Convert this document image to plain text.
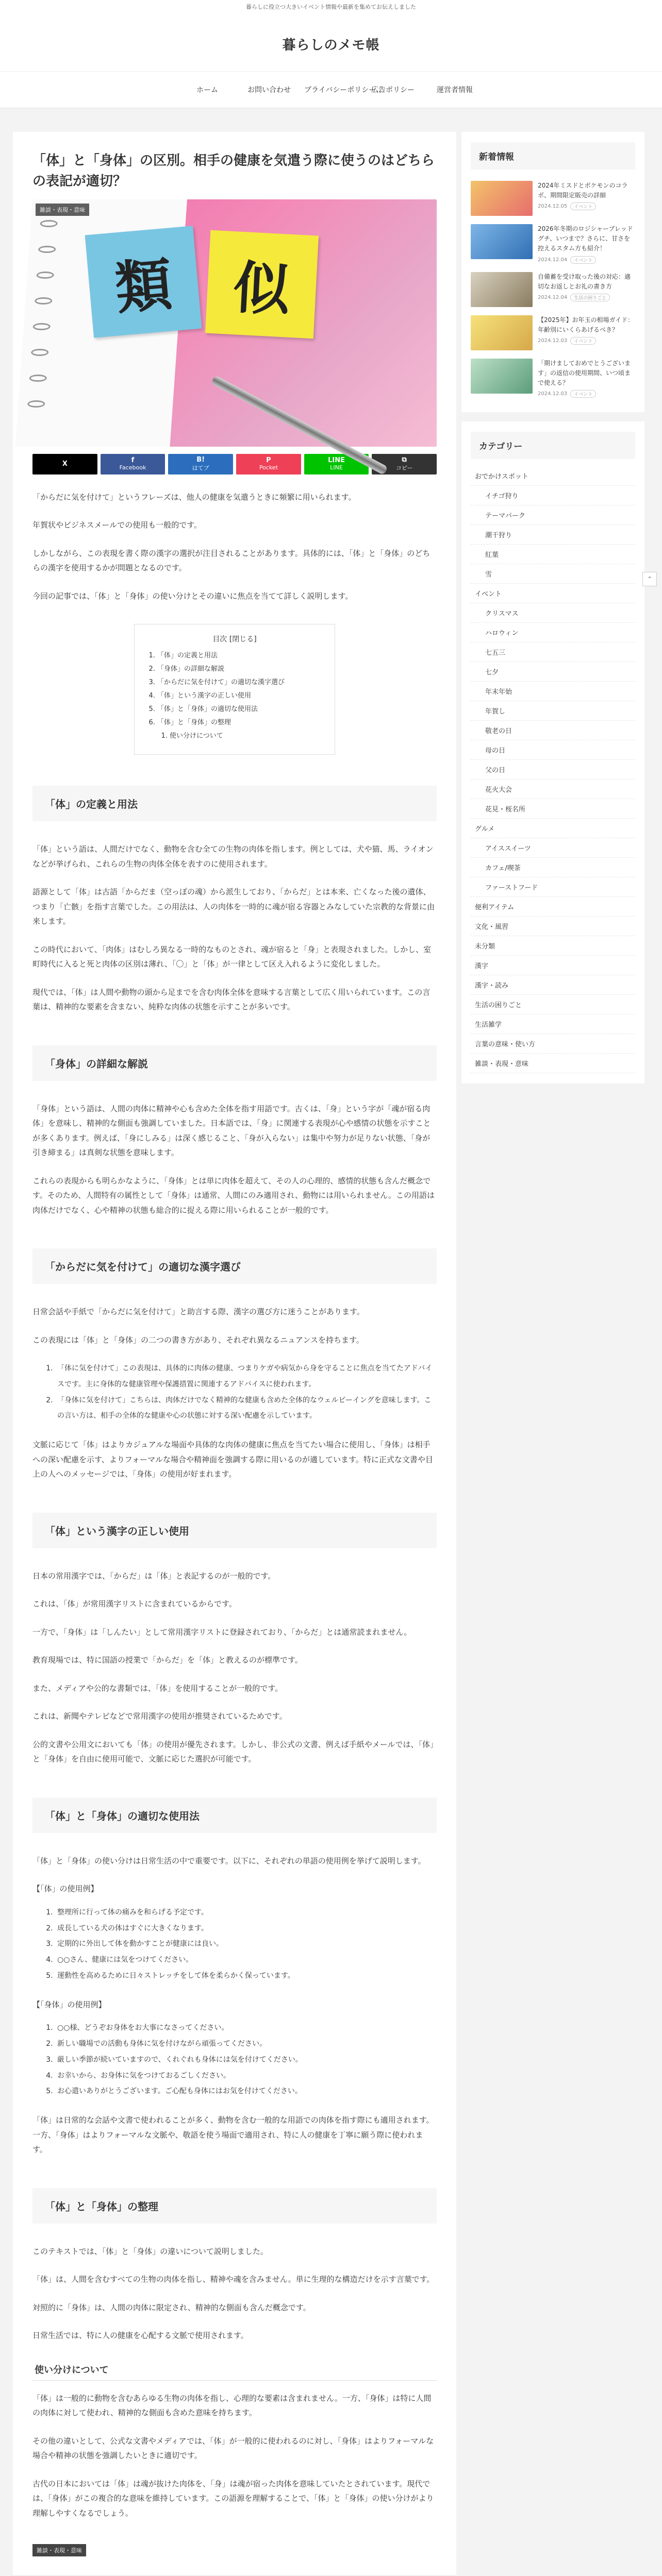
暮らしに役立つ大きいイベント情報や最新を集めてお伝えしました
暮らしのメモ帳
ホーム	お問い合わせ	プライバシーポリシー…
広告ポリシー	運営者情報
「体」と「身体」の区別。相手の健康を気遣う際に使うのはどちらの表記が適切？
類	似
雑談・表現・意味
X	f
Facebook
B!
はてブ
P
Pocket
LINE
LINE
⧉
コピー

「からだに気を付けて」というフレーズは、他人の健康を気遣うときに頻繁に用いられます。

年賀状やビジネスメールでの使用も一般的です。

しかしながら、この表現を書く際の漢字の選択が注目されることがあります。具体的には、「体」と「身体」のどちらの漢字を使用するかが問題となるのです。

今回の記事では、「体」と「身体」の使い分けとその違いに焦点を当てて詳しく説明します。

目次 [閉じる]
1. 「体」の定義と用法
2. 「身体」の詳細な解説
3. 「からだに気を付けて」の適切な漢字選び
4. 「体」という漢字の正しい使用
5. 「体」と「身体」の適切な使用法
6. 「体」と「身体」の整理
1. 使い分けについて
「体」の定義と用法

「体」という語は、人間だけでなく、動物を含む全ての生物の肉体を指します。例としては、犬や猫、馬、ライオンなどが挙げられ、これらの生物の肉体全体を表すのに使用されます。

語源として「体」は古語「からだま（空っぽの魂）から派生しており、「からだ」とは本来、亡くなった後の遺体、つまり「亡骸」を指す言葉でした。この用法は、人の肉体を一時的に魂が宿る容器とみなしていた宗教的な背景に由来します。

この時代において、「肉体」はむしろ異なる一時的なものとされ、魂が宿ると「身」と表現されました。しかし、室町時代に入ると死と肉体の区別は薄れ、「〇」と「体」が一律として区え入れるように変化しました。

現代では、「体」は人間や動物の頭から足までを含む肉体全体を意味する言葉として広く用いられています。この言葉は、精神的な要素を含まない、純粋な肉体の状態を示すことが多いです。

「身体」の詳細な解説

「身体」という語は、人間の肉体に精神や心も含めた全体を指す用語です。古くは、「身」という字が「魂が宿る肉体」を意味し、精神的な側面も強調していました。日本語では、「身」に関連する表現が心や感情の状態を示すことが多くあります。例えば、「身にしみる」は深く感じること、「身が入らない」は集中や努力が足りない状態、「身が引き締まる」は真剣な状態を意味します。

これらの表現からも明らかなように、「身体」とは単に肉体を超えて、その人の心理的、感情的状態も含んだ概念です。そのため、人間特有の属性として「身体」は通常、人間にのみ適用され、動物には用いられません。この用語は肉体だけでなく、心や精神の状態も総合的に捉える際に用いられることが一般的です。

「からだに気を付けて」の適切な漢字選び

日常会話や手紙で「からだに気を付けて」と助言する際、漢字の選び方に迷うことがあります。

この表現には「体」と「身体」の二つの書き方があり、それぞれ異なるニュアンスを持ちます。

1. 「体に気を付けて」この表現は、具体的に肉体の健康、つまりケガや病気から身を守ることに焦点を当てたアドバイスです。主に身体的な健康管理や保護措置に関連するアドバイスに使われます。
2. 「身体に気を付けて」こちらは、肉体だけでなく精神的な健康も含めた全体的なウェルビーイングを意味します。この言い方は、相手の全体的な健康や心の状態に対する深い配慮を示しています。

文脈に応じて「体」はよりカジュアルな場面や具体的な肉体の健康に焦点を当てたい場合に使用し、「身体」は相手への深い配慮を示す、よりフォーマルな場合や精神面を強調する際に用いるのが適しています。特に正式な文書や目上の人へのメッセージでは、「身体」の使用が好まれます。

「体」という漢字の正しい使用

日本の常用漢字では、「からだ」は「体」と表記するのが一般的です。

これは、「体」が常用漢字リストに含まれているからです。

一方で、「身体」は「しんたい」として常用漢字リストに登録されており、「からだ」とは通常読まれません。

教育現場では、特に国語の授業で「からだ」を「体」と教えるのが標準です。

また、メディアや公的な書類では、「体」を使用することが一般的です。

これは、新聞やテレビなどで常用漢字の使用が推奨されているためです。

公的文書や公用文においても「体」の使用が優先されます。しかし、非公式の文書、例えば手紙やメールでは、「体」と「身体」を自由に使用可能で、文脈に応じた選択が可能です。

「体」と「身体」の適切な使用法

「体」と「身体」の使い分けは日常生活の中で重要です。以下に、それぞれの単語の使用例を挙げて説明します。

【「体」の使用例】
1. 整理所に行って体の痛みを和らげる予定です。
2. 成長している犬の体はすぐに大きくなります。
3. 定期的に外出して体を動かすことが健康には良い。
4. ○○さん、健康には気をつけてください。
5. 運動性を高めるために日々ストレッチをして体を柔らかく保っています。
【「身体」の使用例】
1. ○○様、どうぞお身体をお大事になさってください。
2. 新しい職場での活動も身体に気を付けながら頑張ってください。
3. 厳しい季節が続いていますので、くれぐれも身体には気を付けてください。
4. お幸いから、お身体に気をつけておるごしください。
5. お心遣いありがとうございます。ご心配も身体にはお気を付けてください。

「体」は日常的な会話や文書で使われることが多く、動物を含む一般的な用語での肉体を指す際にも適用されます。一方、「身体」はよりフォーマルな文脈や、敬語を使う場面で適用され、特に人の健康を丁寧に願う際に使われます。

「体」と「身体」の整理

このテキストでは、「体」と「身体」の違いについて説明しました。

「体」は、人間を含むすべての生物の肉体を指し、精神や魂を含みません。単に生理的な構造だけを示す言葉です。

対照的に「身体」は、人間の肉体に限定され、精神的な側面も含んだ概念です。

日常生活では、特に人の健康を心配する文脈で使用されます。

使い分けについて

「体」は一般的に動物を含むあらゆる生物の肉体を指し、心理的な要素は含まれません。一方、「身体」は特に人間の肉体に対して使われ、精神的な側面も含めた意味を持ちます。

その他の違いとして、公式な文書やメディアでは、「体」が一般的に使われるのに対し、「身体」はよりフォーマルな場合や精神の状態を強調したいときに適切です。

古代の日本においては「体」は魂が抜けた肉体を、「身」は魂が宿った肉体を意味していたとされています。現代では、「身体」がこの複合的な意味を維持しています。この語源を理解することで、「体」と「身体」の使い分けがより理解しやすくなるでしょう。

雑談・表現・意味
新着情報
2024年ミスドとポケモンのコラボ、期間限定販売の詳細
2024.12.05	イベント
2026年冬期のロジシャーブレッドグチ、いつまで？さらに、甘さを控えるスタム方も紹介！
2024.12.04	イベント
自備蓄を受け取った後の対応：適切なお返しとお礼の書き方
2024.12.04	生活の困りごと
【2025年】お年玉の相場ガイド：年齢別にいくらあげるべき？
2024.12.03	イベント
「期けましておめでとうございます」の返信の使用期間、いつ頃まで使える？
2024.12.03	イベント
カテゴリー
おでかけスポット
イチゴ狩り
テーマパーク
潮干狩り
紅葉
雪
イベント
クリスマス
ハロウィン
七五三
七夕
年末年始
年賀し
敬老の日
母の日
父の日
花火大会
花見・桜名所
グルメ
アイススイーツ
カフェ/喫茶
ファーストフード
便利アイテム
文化・風習
未分類
漢字
漢字・読み
生活の困りごと
生活雑学
言葉の意味・使い方
雑談・表現・意味
⌃
